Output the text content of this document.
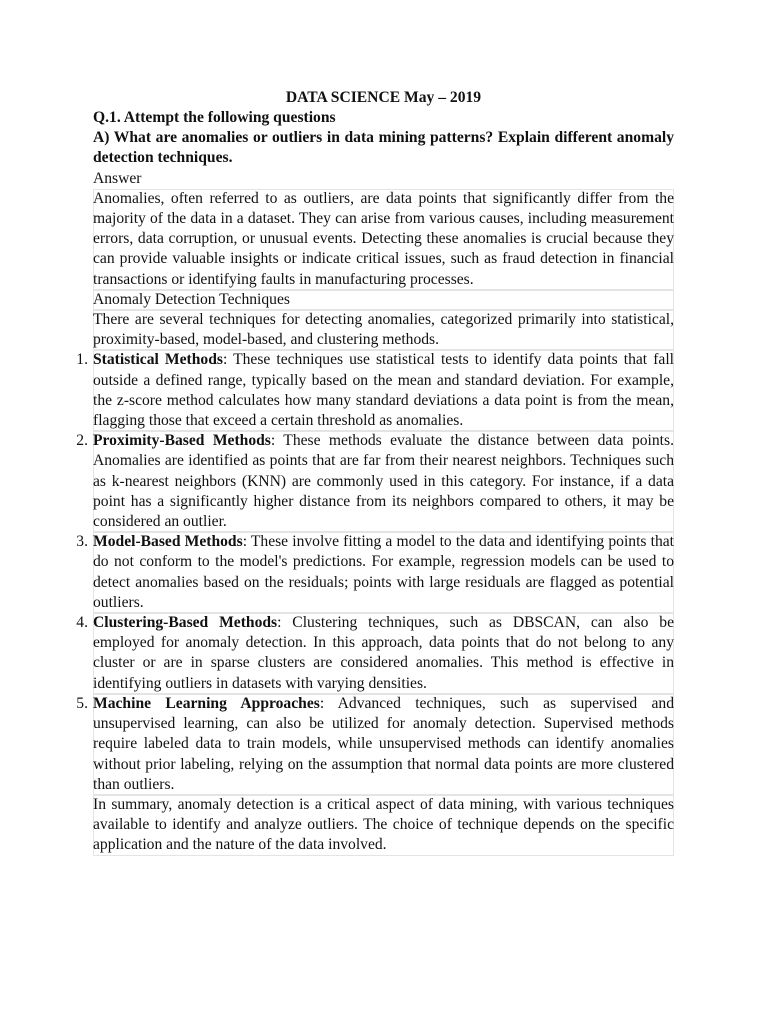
DATA SCIENCE May – 2019

Q.1. Attempt the following questions

A) What are anomalies or outliers in data mining patterns? Explain different anomaly detection techniques.

Answer

Anomalies, often referred to as outliers, are data points that significantly differ from the majority of the data in a dataset. They can arise from various causes, including measurement errors, data corruption, or unusual events. Detecting these anomalies is crucial because they can provide valuable insights or indicate critical issues, such as fraud detection in financial transactions or identifying faults in manufacturing processes.

Anomaly Detection Techniques

There are several techniques for detecting anomalies, categorized primarily into statistical, proximity-based, model-based, and clustering methods.

1. Statistical Methods: These techniques use statistical tests to identify data points that fall outside a defined range, typically based on the mean and standard deviation. For example, the z-score method calculates how many standard deviations a data point is from the mean, flagging those that exceed a certain threshold as anomalies.
2. Proximity-Based Methods: These methods evaluate the distance between data points. Anomalies are identified as points that are far from their nearest neighbors. Techniques such as k-nearest neighbors (KNN) are commonly used in this category. For instance, if a data point has a significantly higher distance from its neighbors compared to others, it may be considered an outlier.
3. Model-Based Methods: These involve fitting a model to the data and identifying points that do not conform to the model's predictions. For example, regression models can be used to detect anomalies based on the residuals; points with large residuals are flagged as potential outliers.
4. Clustering-Based Methods: Clustering techniques, such as DBSCAN, can also be employed for anomaly detection. In this approach, data points that do not belong to any cluster or are in sparse clusters are considered anomalies. This method is effective in identifying outliers in datasets with varying densities.
5. Machine Learning Approaches: Advanced techniques, such as supervised and unsupervised learning, can also be utilized for anomaly detection. Supervised methods require labeled data to train models, while unsupervised methods can identify anomalies without prior labeling, relying on the assumption that normal data points are more clustered than outliers.

In summary, anomaly detection is a critical aspect of data mining, with various techniques available to identify and analyze outliers. The choice of technique depends on the specific application and the nature of the data involved.
